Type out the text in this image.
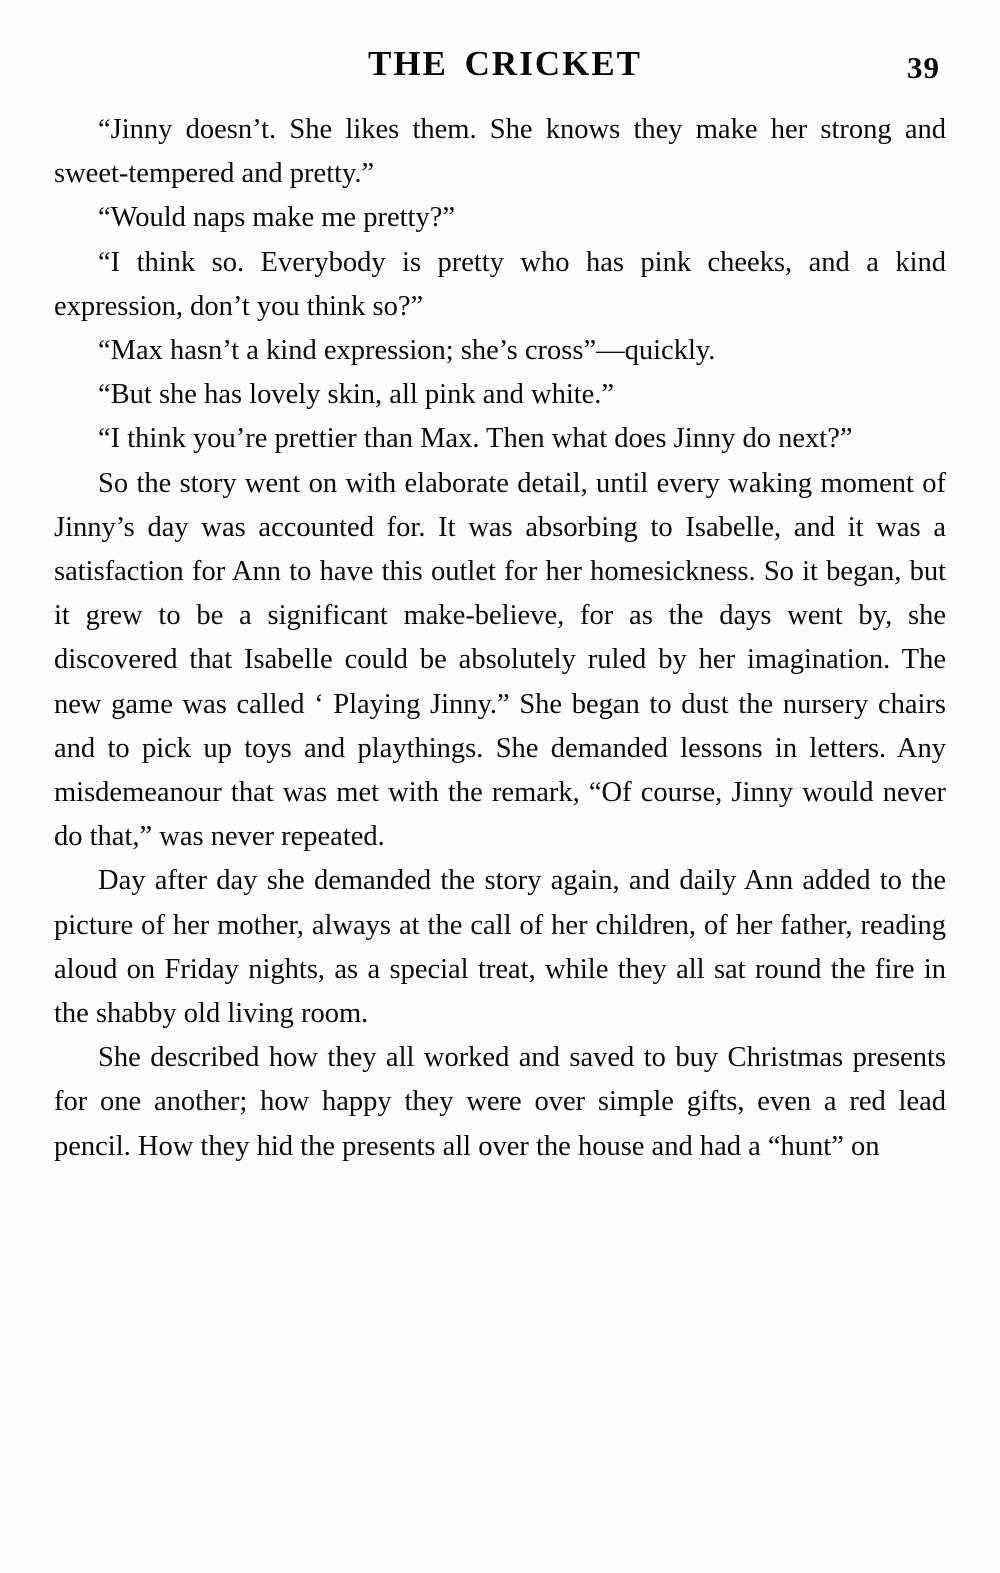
THE CRICKET	39

“Jinny doesn’t. She likes them. She knows they make her strong and sweet-tempered and pretty.”

“Would naps make me pretty?”

“I think so. Everybody is pretty who has pink cheeks, and a kind expression, don’t you think so?”

“Max hasn’t a kind expression; she’s cross”—quickly.

“But she has lovely skin, all pink and white.”

“I think you’re prettier than Max. Then what does Jinny do next?”

So the story went on with elaborate detail, until every waking moment of Jinny’s day was accounted for. It was absorbing to Isabelle, and it was a satisfaction for Ann to have this outlet for her homesickness. So it began, but it grew to be a significant make-believe, for as the days went by, she discovered that Isabelle could be absolutely ruled by her imagination. The new game was called ‘ Playing Jinny.” She began to dust the nursery chairs and to pick up toys and playthings. She demanded lessons in letters. Any misdemeanour that was met with the remark, “Of course, Jinny would never do that,” was never repeated.

Day after day she demanded the story again, and daily Ann added to the picture of her mother, always at the call of her children, of her father, reading aloud on Friday nights, as a special treat, while they all sat round the fire in the shabby old living room.

She described how they all worked and saved to buy Christmas presents for one another; how happy they were over simple gifts, even a red lead pencil. How they hid the presents all over the house and had a “hunt” on
